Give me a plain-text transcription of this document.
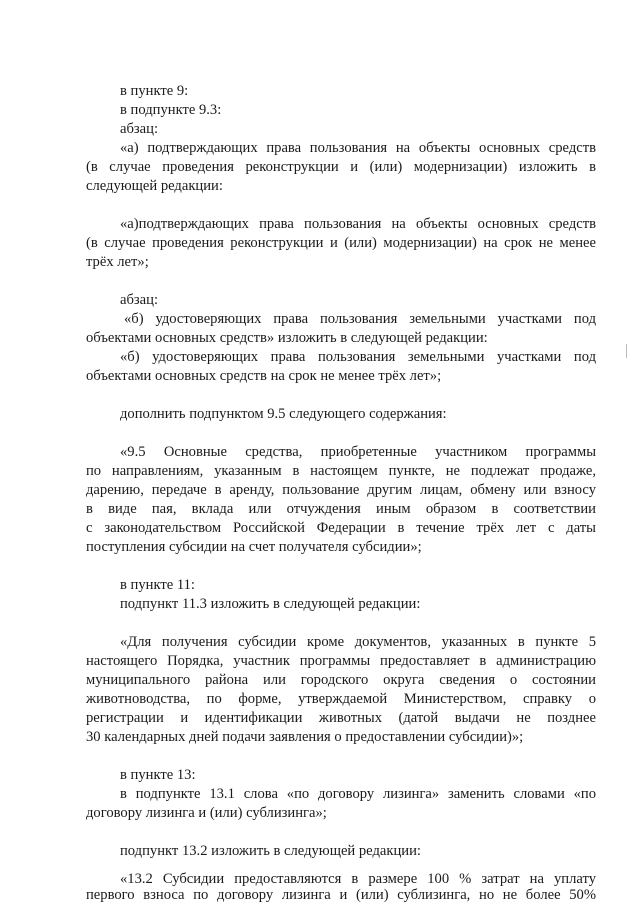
в пункте 9:
в подпункте 9.3:
абзац:
«а) подтверждающих права пользования на объекты основных средств
(в случае проведения реконструкции и (или) модернизации) изложить в
следующей редакции:
«а)подтверждающих права пользования на объекты основных средств
(в случае проведения реконструкции и (или) модернизации) на срок не менее
трёх лет»;
абзац:
«б) удостоверяющих права пользования земельными участками под
объектами основных средств» изложить в следующей редакции:
«б) удостоверяющих права пользования земельными участками под
объектами основных средств на срок не менее трёх лет»;
дополнить подпунктом 9.5 следующего содержания:
«9.5 Основные средства, приобретенные участником программы
по направлениям, указанным в настоящем пункте, не подлежат продаже,
дарению, передаче в аренду, пользование другим лицам, обмену или взносу
в виде пая, вклада или отчуждения иным образом в соответствии
с законодательством Российской Федерации в течение трёх лет с даты
поступления субсидии на счет получателя субсидии»;
в пункте 11:
подпункт 11.3 изложить в следующей редакции:
«Для получения субсидии кроме документов, указанных в пункте 5
настоящего Порядка, участник программы предоставляет в администрацию
муниципального района или городского округа сведения о состоянии
животноводства, по форме, утверждаемой Министерством, справку о
регистрации и идентификации животных (датой выдачи не позднее
30 календарных дней подачи заявления о предоставлении субсидии)»;
в пункте 13:
в подпункте 13.1 слова «по договору лизинга» заменить словами «по
договору лизинга и (или) сублизинга»;
подпункт 13.2 изложить в следующей редакции:
«13.2 Субсидии предоставляются в размере 100 % затрат на уплату
первого взноса по договору лизинга и (или) сублизинга, но не более 50%
